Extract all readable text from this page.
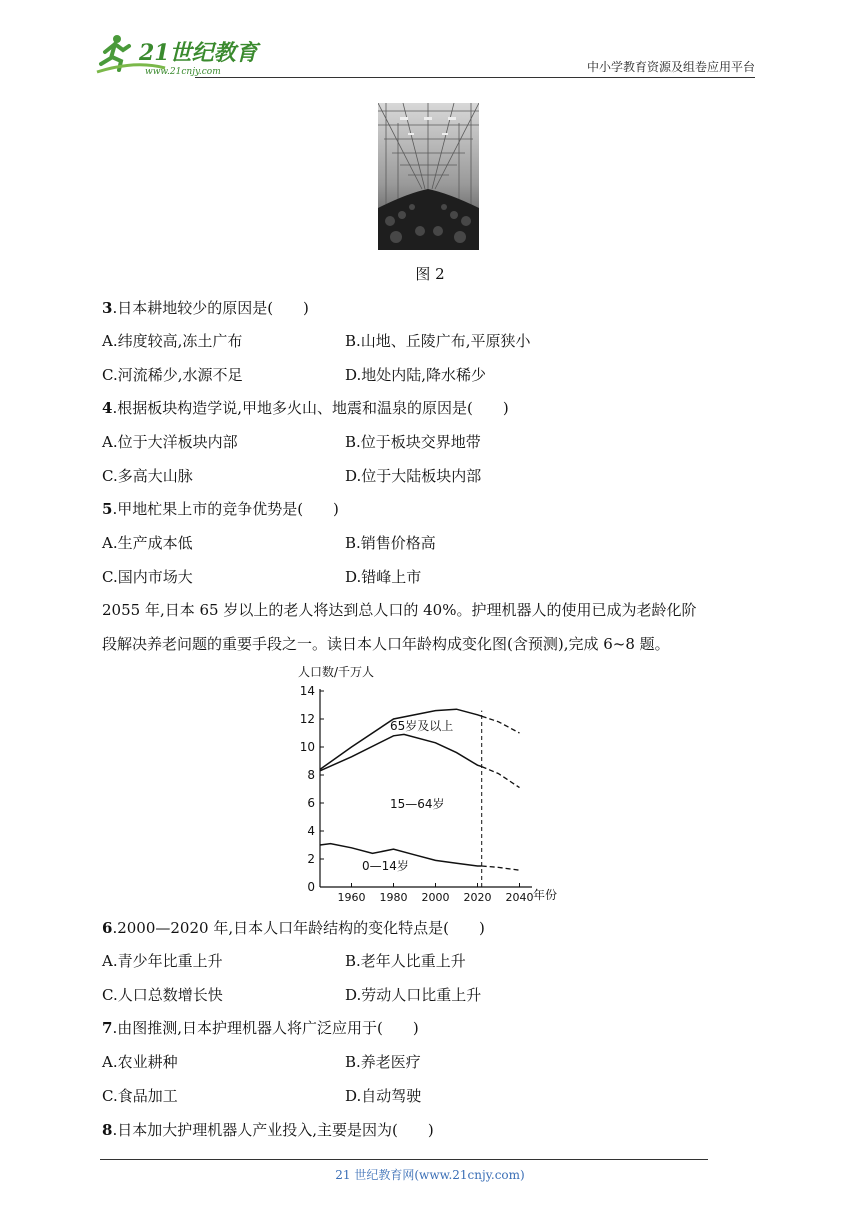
21世纪教育
www.21cnjy.com	中小学教育资源及组卷应用平台
图 2
3.日本耕地较少的原因是(　　)
A.纬度较高,冻土广布	B.山地、丘陵广布,平原狭小
C.河流稀少,水源不足	D.地处内陆,降水稀少
4.根据板块构造学说,甲地多火山、地震和温泉的原因是(　　)
A.位于大洋板块内部	B.位于板块交界地带
C.多高大山脉	D.位于大陆板块内部
5.甲地杧果上市的竞争优势是(　　)
A.生产成本低	B.销售价格高
C.国内市场大	D.错峰上市
2055 年,日本 65 岁以上的老人将达到总人口的 40%。护理机器人的使用已成为老龄化阶
段解决养老问题的重要手段之一。读日本人口年龄构成变化图(含预测),完成 6~8 题。
人口数/千万人
0
2
4
6
8
10
12
14
1960 1980 2000 2020 2040 年份
65岁及以上
15—64岁
0—14岁
6.2000—2020 年,日本人口年龄结构的变化特点是(　　)
A.青少年比重上升	B.老年人比重上升
C.人口总数增长快	D.劳动人口比重上升
7.由图推测,日本护理机器人将广泛应用于(　　)
A.农业耕种	B.养老医疗
C.食品加工	D.自动驾驶
8.日本加大护理机器人产业投入,主要是因为(　　)
21 世纪教育网(www.21cnjy.com)
